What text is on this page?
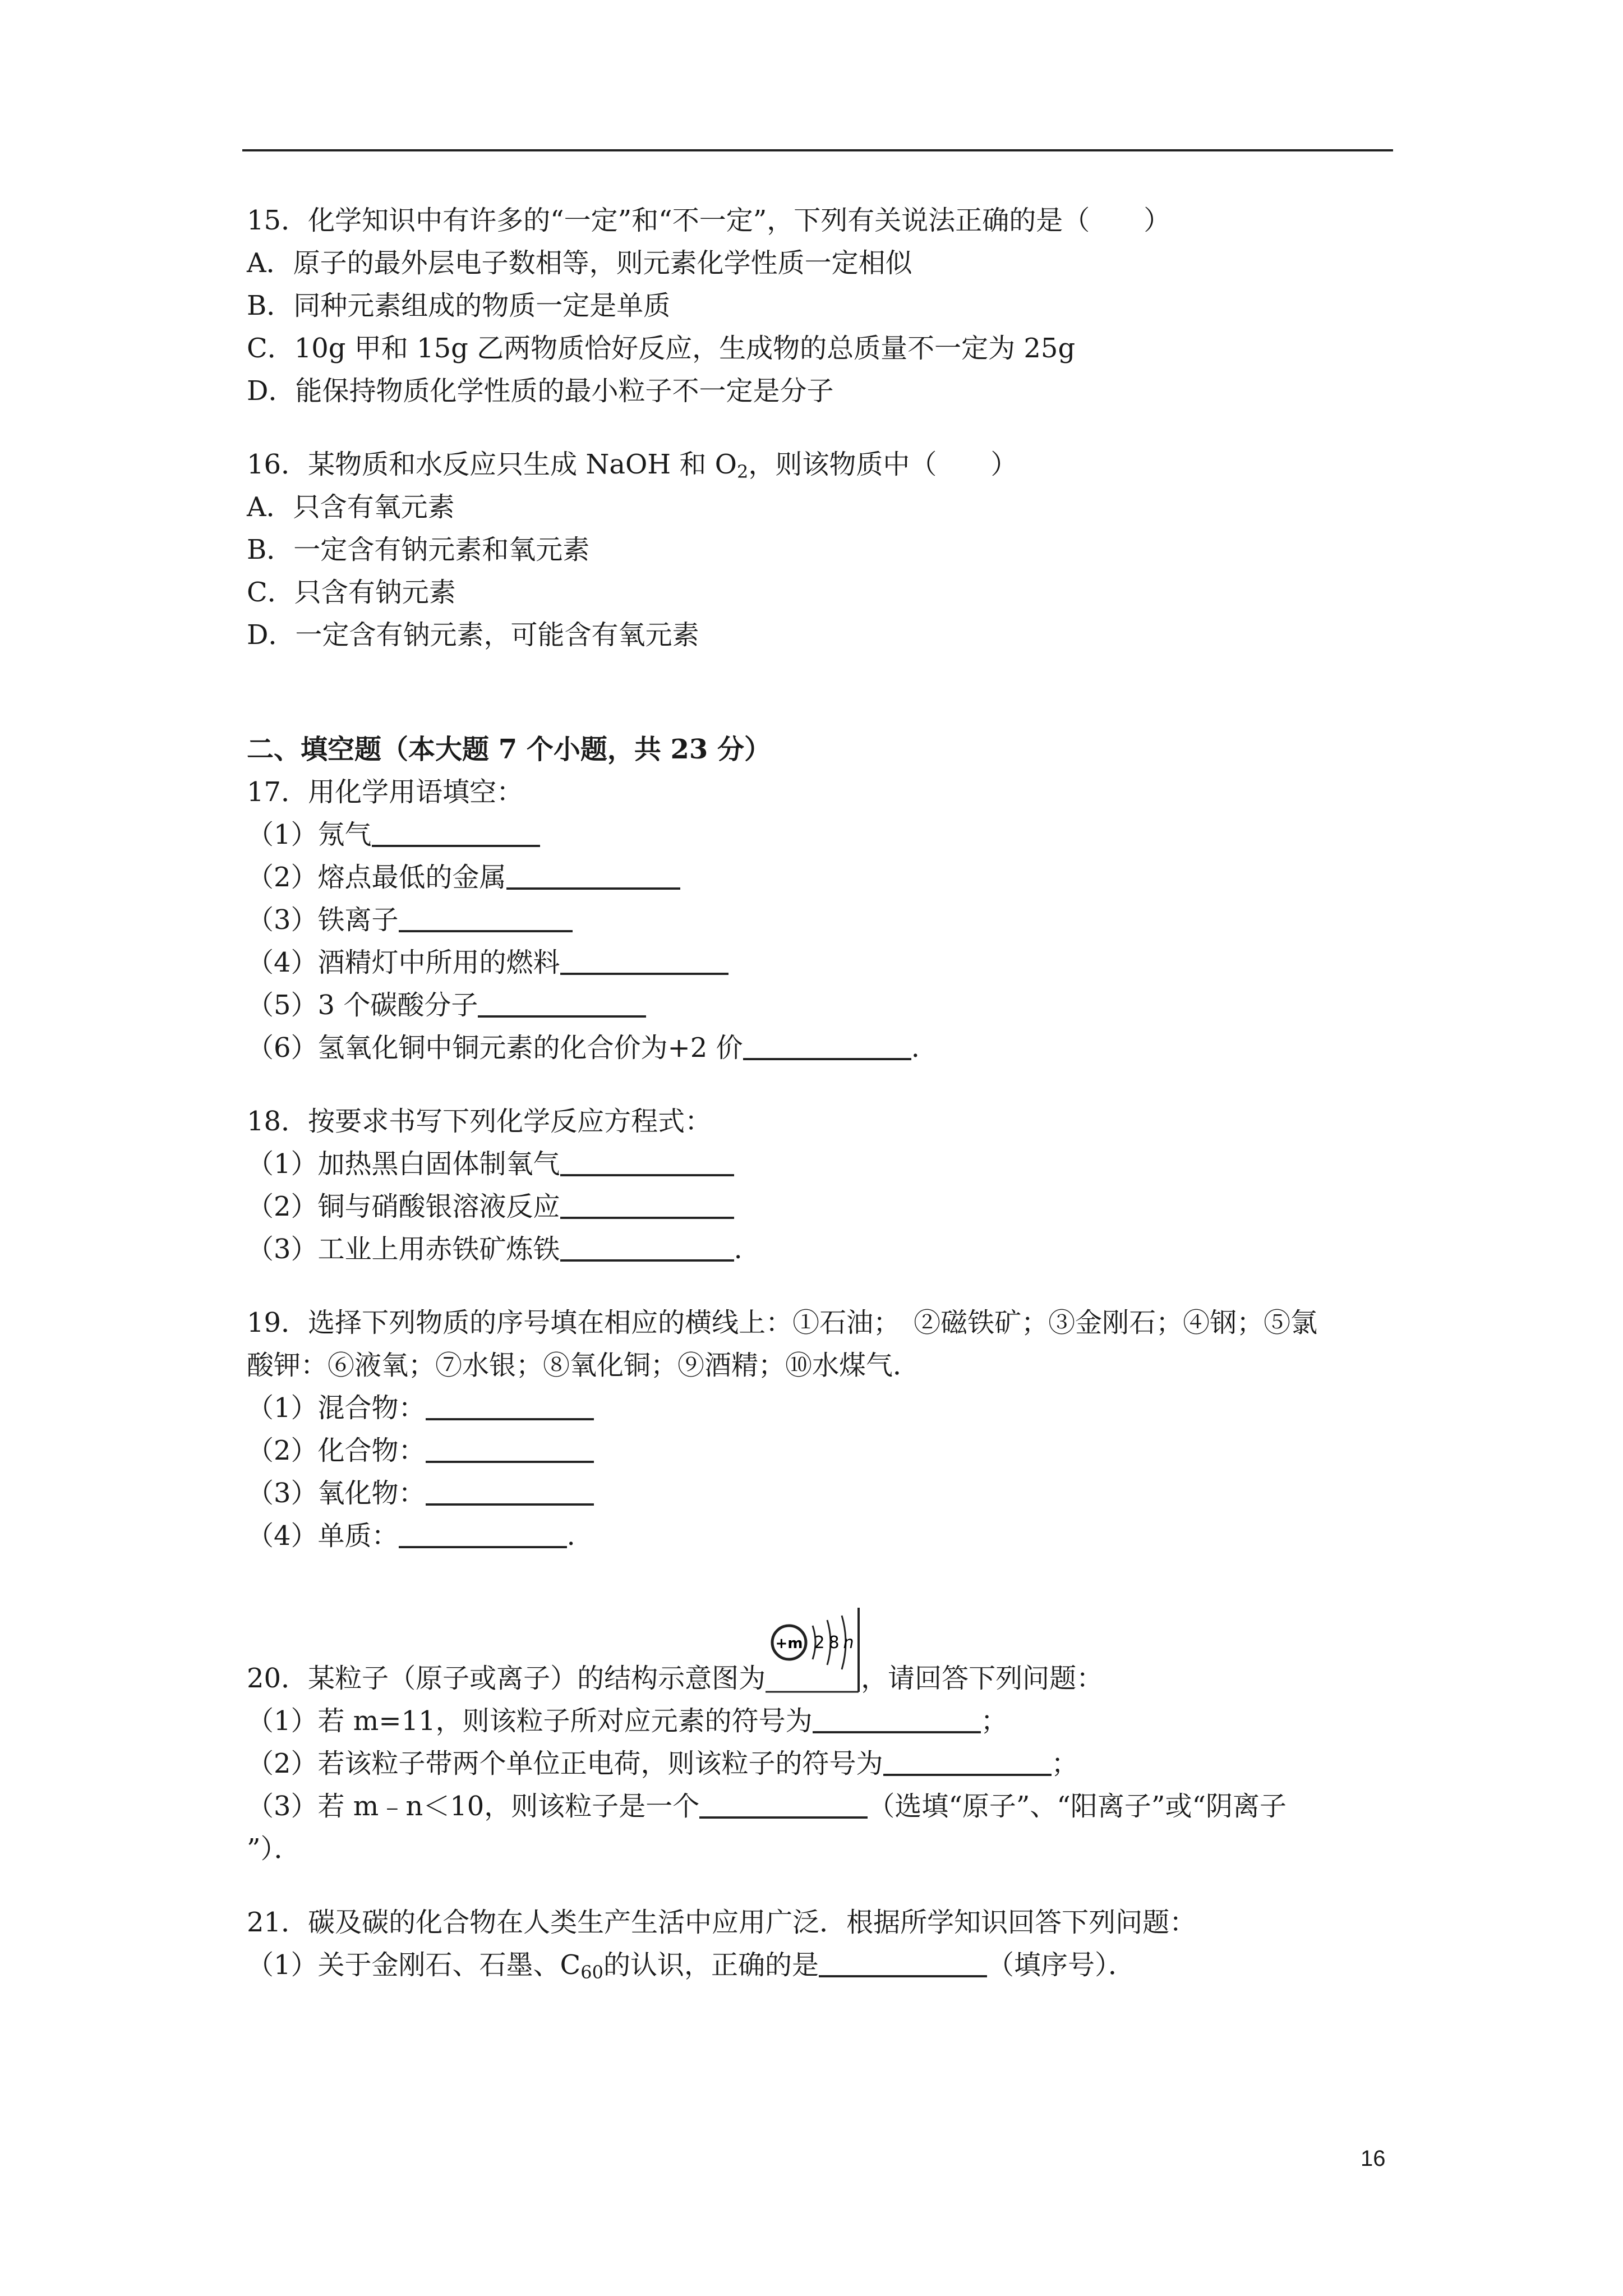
15．化学知识中有许多的“一定”和“不一定”，下列有关说法正确的是（　　）
A．原子的最外层电子数相等，则元素化学性质一定相似
B．同种元素组成的物质一定是单质
C．10g 甲和 15g 乙两物质恰好反应，生成物的总质量不一定为 25g
D．能保持物质化学性质的最小粒子不一定是分子
16．某物质和水反应只生成 NaOH 和 $O_2$，则该物质中（　　）
A．只含有氧元素
B．一定含有钠元素和氧元素
C．只含有钠元素
D．一定含有钠元素，可能含有氧元素
二、填空题（本大题 7 个小题，共 23 分）
17．用化学用语填空：
（1）氖气
（2）熔点最低的金属
（3）铁离子
（4）酒精灯中所用的燃料
（5）3 个碳酸分子
（6）氢氧化铜中铜元素的化合价为+2 价	.
18．按要求书写下列化学反应方程式：
（1）加热黑白固体制氧气
（2）铜与硝酸银溶液反应
（3）工业上用赤铁矿炼铁	.
19．选择下列物质的序号填在相应的横线上：①石油；　②磁铁矿；③金刚石；④钢；⑤氯
酸钾：⑥液氧；⑦水银；⑧氧化铜；⑨酒精；⑩水煤气．
（1）混合物：
（2）化合物：
（3）氧化物：
（4）单质：	.
20．某粒子（原子或离子）的结构示意图为
+m 2 8 n
，请回答下列问题：
（1）若 m=11，则该粒子所对应元素的符号为	；
（2）若该粒子带两个单位正电荷，则该粒子的符号为	；
（3）若 m﹣n＜10，则该粒子是一个	（选填“原子”、“阳离子”或“阴离子
”）．
21．碳及碳的化合物在人类生产生活中应用广泛．根据所学知识回答下列问题：
（1）关于金刚石、石墨、$C_{60}$的认识，正确的是	（填序号）．
16
